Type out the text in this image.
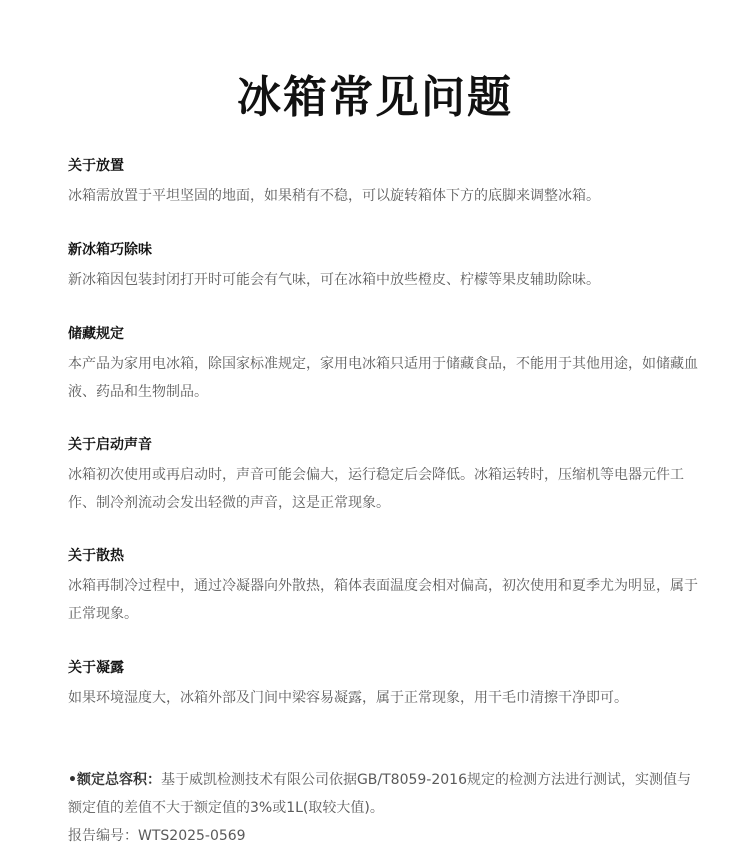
冰箱常见问题

关于放置

冰箱需放置于平坦坚固的地面，如果稍有不稳，可以旋转箱体下方的底脚来调整冰箱。

新冰箱巧除味

新冰箱因包装封闭打开时可能会有气味，可在冰箱中放些橙皮、柠檬等果皮辅助除味。

储藏规定

本产品为家用电冰箱，除国家标准规定，家用电冰箱只适用于储藏食品，不能用于其他用途，如储藏血液、药品和生物制品。

关于启动声音

冰箱初次使用或再启动时，声音可能会偏大，运行稳定后会降低。冰箱运转时，压缩机等电器元件工作、制冷剂流动会发出轻微的声音，这是正常现象。

关于散热

冰箱再制冷过程中，通过冷凝器向外散热，箱体表面温度会相对偏高，初次使用和夏季尤为明显，属于正常现象。

关于凝露

如果环境湿度大，冰箱外部及门间中梁容易凝露，属于正常现象，用干毛巾清擦干净即可。

•额定总容积：基于威凯检测技术有限公司依据GB/T8059-2016规定的检测方法进行测试，实测值与额定值的差值不大于额定值的3%或1L(取较大值)。
报告编号：WTS2025-0569
